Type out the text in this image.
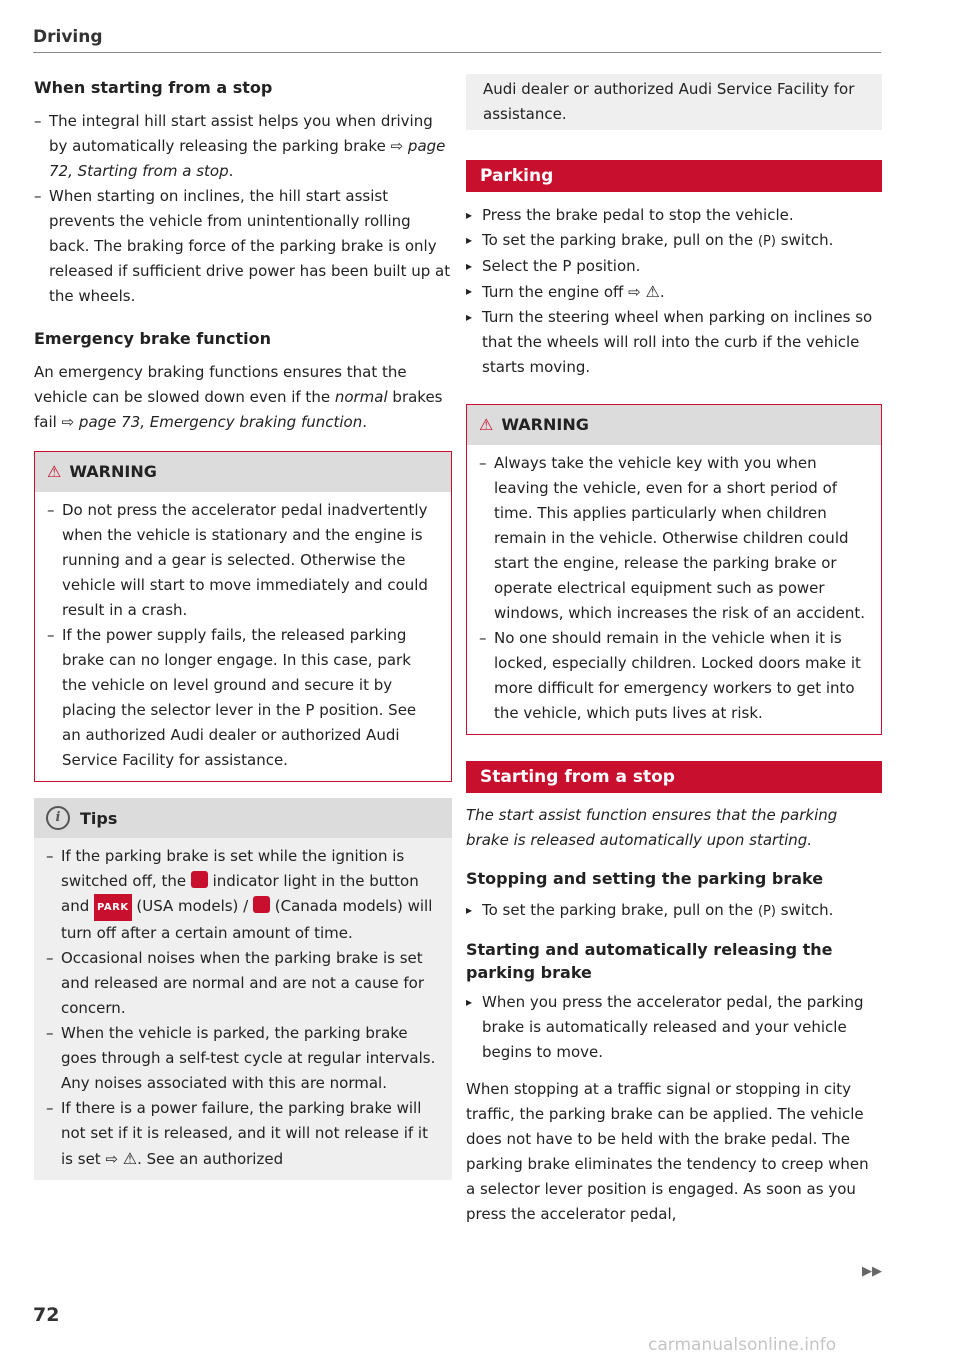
Driving
When starting from a stop
– The integral hill start assist helps you when driving by automatically releasing the parking brake ⇨ page 72, Starting from a stop.
– When starting on inclines, the hill start assist prevents the vehicle from unintentionally rolling back. The braking force of the parking brake is only released if sufficient drive power has been built up at the wheels.
Emergency brake function

An emergency braking functions ensures that the vehicle can be slowed down even if the normal brakes fail ⇨ page 73, Emergency braking function.

⚠ WARNING
– Do not press the accelerator pedal inadvertently when the vehicle is stationary and the engine is running and a gear is selected. Otherwise the vehicle will start to move immediately and could result in a crash.
– If the power supply fails, the released parking brake can no longer engage. In this case, park the vehicle on level ground and secure it by placing the selector lever in the P position. See an authorized Audi dealer or authorized Audi Service Facility for assistance.
i	Tips
– If the parking brake is set while the ignition is switched off, the  indicator light in the button and PARK (USA models) /  (Canada models) will turn off after a certain amount of time.
– Occasional noises when the parking brake is set and released are normal and are not a cause for concern.
– When the vehicle is parked, the parking brake goes through a self-test cycle at regular intervals. Any noises associated with this are normal.
– If there is a power failure, the parking brake will not set if it is released, and it will not release if it is set ⇨ ⚠. See an authorized

Audi dealer or authorized Audi Service Facility for assistance.

Parking
▸ Press the brake pedal to stop the vehicle.
▸ To set the parking brake, pull on the (P) switch.
▸ Select the P position.
▸ Turn the engine off ⇨ ⚠.
▸ Turn the steering wheel when parking on inclines so that the wheels will roll into the curb if the vehicle starts moving.
⚠ WARNING
– Always take the vehicle key with you when leaving the vehicle, even for a short period of time. This applies particularly when children remain in the vehicle. Otherwise children could start the engine, release the parking brake or operate electrical equipment such as power windows, which increases the risk of an accident.
– No one should remain in the vehicle when it is locked, especially children. Locked doors make it more difficult for emergency workers to get into the vehicle, which puts lives at risk.
Starting from a stop

The start assist function ensures that the parking brake is released automatically upon starting.

Stopping and setting the parking brake
▸ To set the parking brake, pull on the (P) switch.
Starting and automatically releasing the parking brake
▸ When you press the accelerator pedal, the parking brake is automatically released and your vehicle begins to move.

When stopping at a traffic signal or stopping in city traffic, the parking brake can be applied. The vehicle does not have to be held with the brake pedal. The parking brake eliminates the tendency to creep when a selector lever position is engaged. As soon as you press the accelerator pedal,

▶▶
72
carmanualsonline.info
